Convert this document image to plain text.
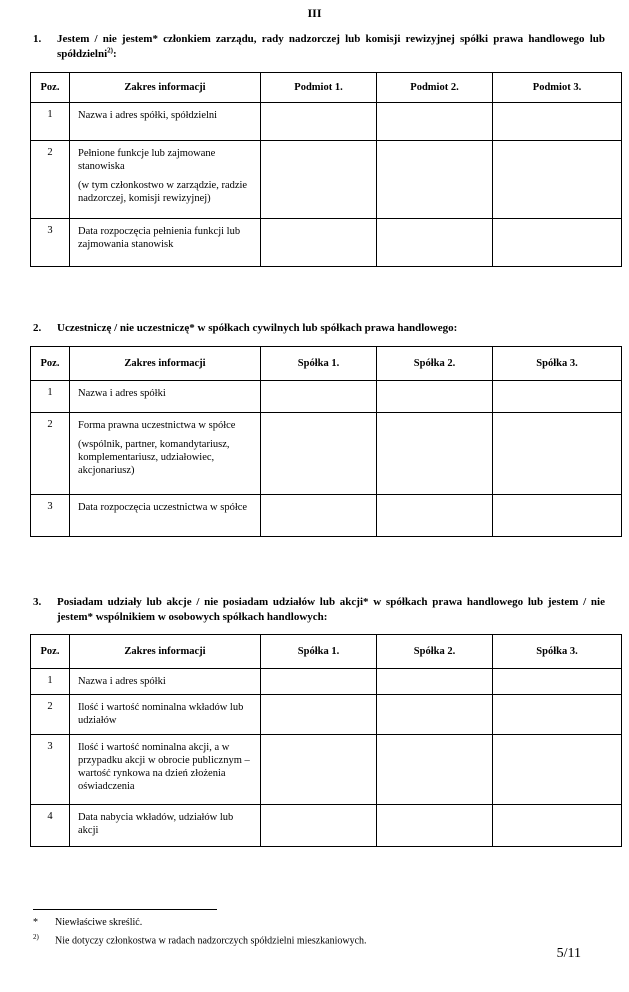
III
1. Jestem / nie jestem* członkiem zarządu, rady nadzorczej lub komisji rewizyjnej spółki prawa handlowego lub spółdzielni$^{2)}$:
Poz.	Zakres informacji	Podmiot 1.	Podmiot 2.	Podmiot 3.
1	Nazwa i adres spółki, spółdzielni			

2	Pełnione funkcje lub zajmowane stanowiska
(w tym członkostwo w zarządzie, radzie nadzorczej, komisji rewizyjnej)			

3	Data rozpoczęcia pełnienia funkcji lub zajmowania stanowisk			

2. Uczestniczę / nie uczestniczę* w spółkach cywilnych lub spółkach prawa handlowego:
Poz.	Zakres informacji	Spółka 1.	Spółka 2.	Spółka 3.
1	Nazwa i adres spółki			

2	Forma prawna uczestnictwa w spółce
(wspólnik, partner, komandytariusz, komplementariusz, udziałowiec, akcjonariusz)			

3	Data rozpoczęcia uczestnictwa w spółce			

3. Posiadam udziały lub akcje / nie posiadam udziałów lub akcji* w spółkach prawa handlowego lub jestem / nie jestem* wspólnikiem w osobowych spółkach handlowych:
Poz.	Zakres informacji	Spółka 1.	Spółka 2.	Spółka 3.
1	Nazwa i adres spółki			

2	Ilość i wartość nominalna wkładów lub udziałów			

3	Ilość i wartość nominalna akcji, a w przypadku akcji w obrocie publicznym – wartość rynkowa na dzień złożenia oświadczenia			

4	Data nabycia wkładów, udziałów lub akcji			

* Niewłaściwe skreślić.
$^{2)}$ Nie dotyczy członkostwa w radach nadzorczych spółdzielni mieszkaniowych.
5/11
